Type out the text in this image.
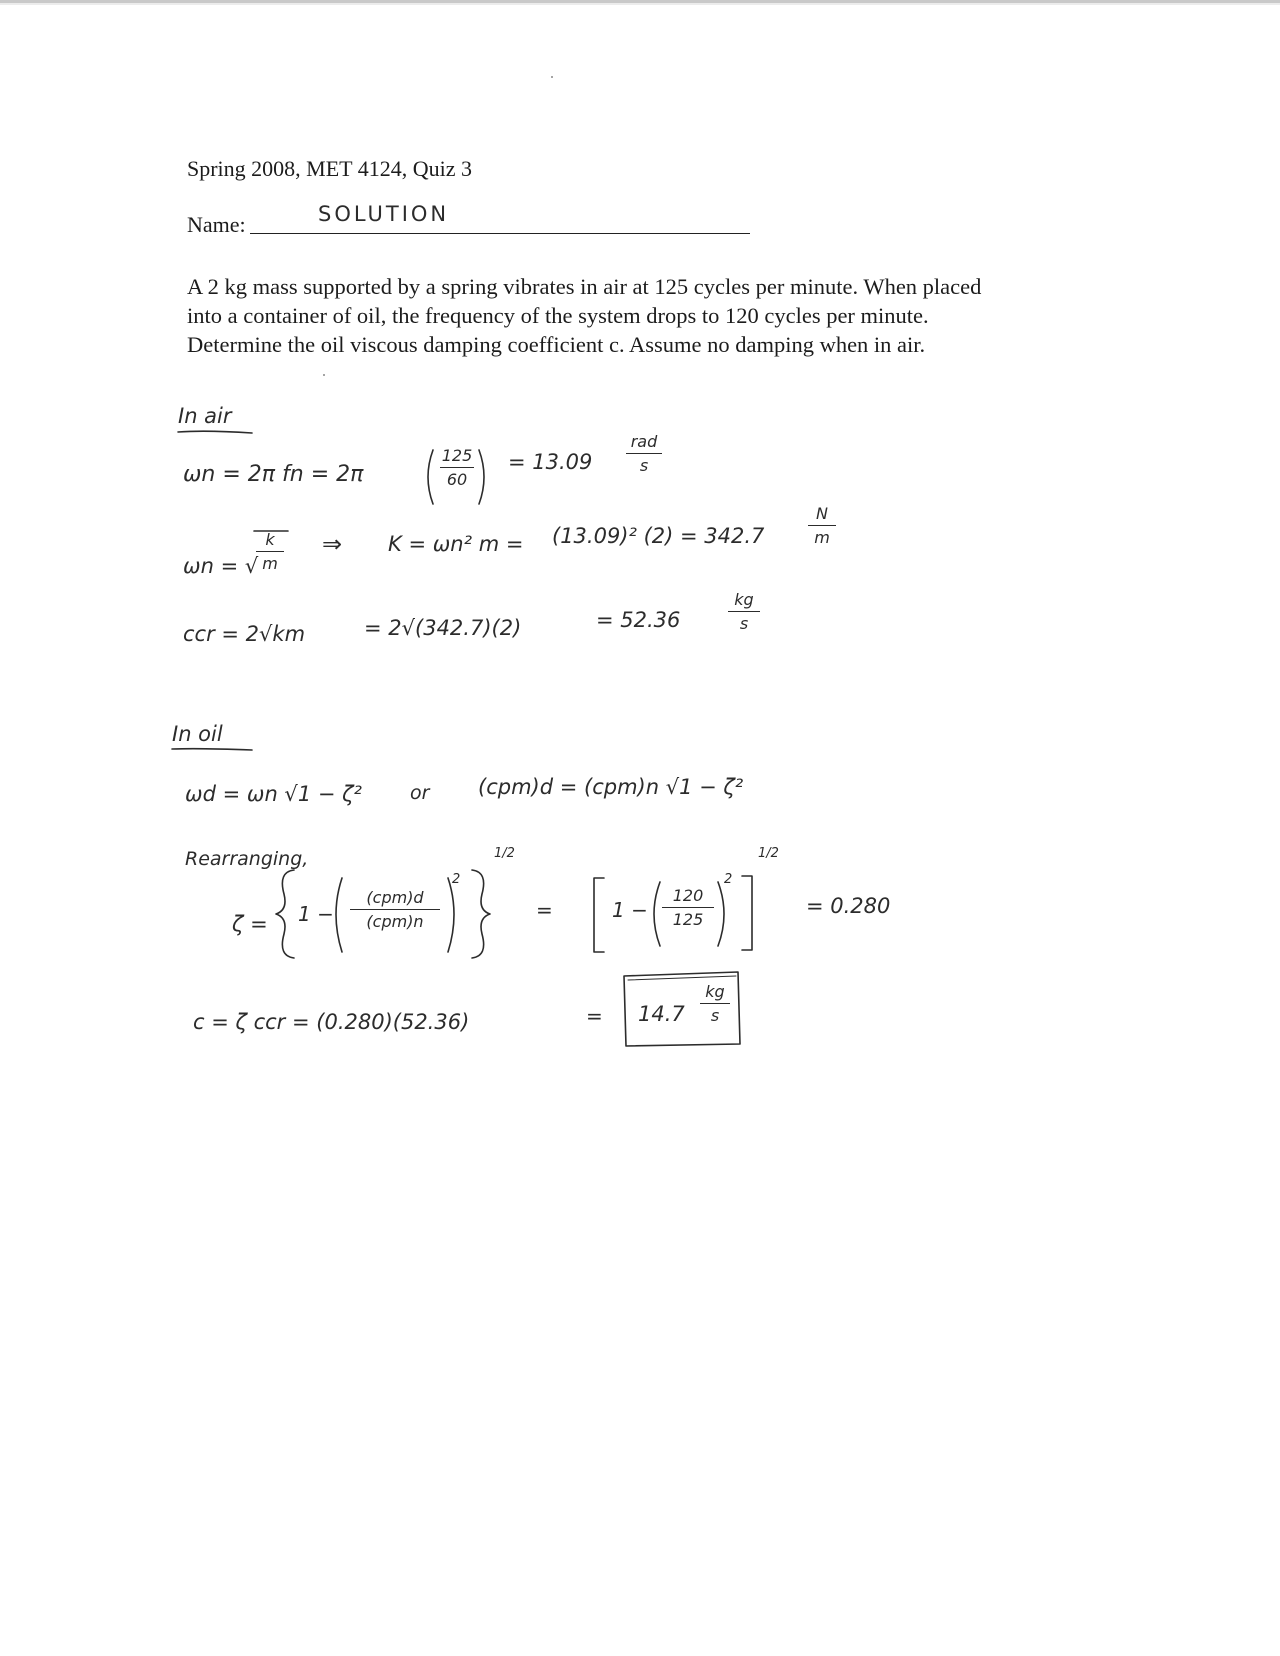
Spring 2008, MET 4124, Quiz 3
Name:	SOLUTION

A 2 kg mass supported by a spring vibrates in air at 125 cycles per minute. When placed

into a container of oil, the frequency of the system drops to 120 cycles per minute.

Determine the oil viscous damping coefficient c. Assume no damping when in air.

In air
ωn = 2π fn = 2π
125
60
= 13.09
rad
s
ωn = √
k
m
⇒ K = ωn² m = (13.09)² (2) = 342.7
N
m
ccr = 2√km	= 2√(342.7)(2)	= 52.36
kg
s
In oil
ωd = ωn √1 − ζ²	or (cpm)d = (cpm)n √1 − ζ²
Rearranging,
ζ = 1 −
(cpm)d
(cpm)n
2
1/2
=	1 −
120
125
2
1/2
= 0.280
c = ζ ccr = (0.280)(52.36)	= 14.7
kg
s
